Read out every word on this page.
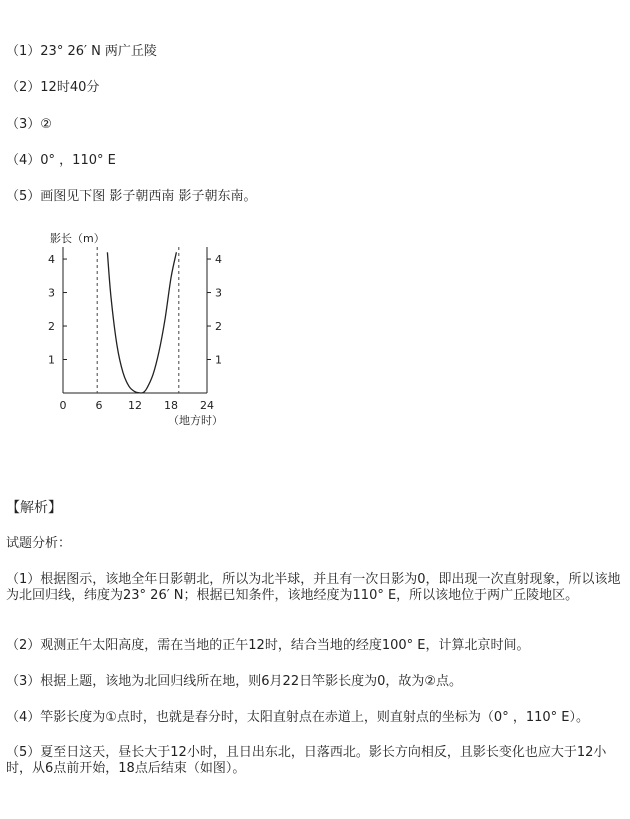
（1）23° 26′ N 两广丘陵
（2）12时40分
（3）②
（4）0° ，110° E
（5）画图见下图 影子朝西南 影子朝东南。
影长（m）
0	6 12 18 24
4
3
2
1
4
3
2
1
（地方时）
【解析】
试题分析：
（1）根据图示，该地全年日影朝北，所以为北半球，并且有一次日影为0，即出现一次直射现象，所以该地为北回归线，纬度为23° 26′ N；根据已知条件，该地经度为110° E，所以该地位于两广丘陵地区。
（2）观测正午太阳高度，需在当地的正午12时，结合当地的经度100° E，计算北京时间。
（3）根据上题，该地为北回归线所在地，则6月22日竿影长度为0，故为②点。
（4）竿影长度为①点时，也就是春分时，太阳直射点在赤道上，则直射点的坐标为（0° ，110° E）。
（5）夏至日这天，昼长大于12小时，且日出东北，日落西北。影长方向相反，且影长变化也应大于12小时，从6点前开始，18点后结束（如图）。
